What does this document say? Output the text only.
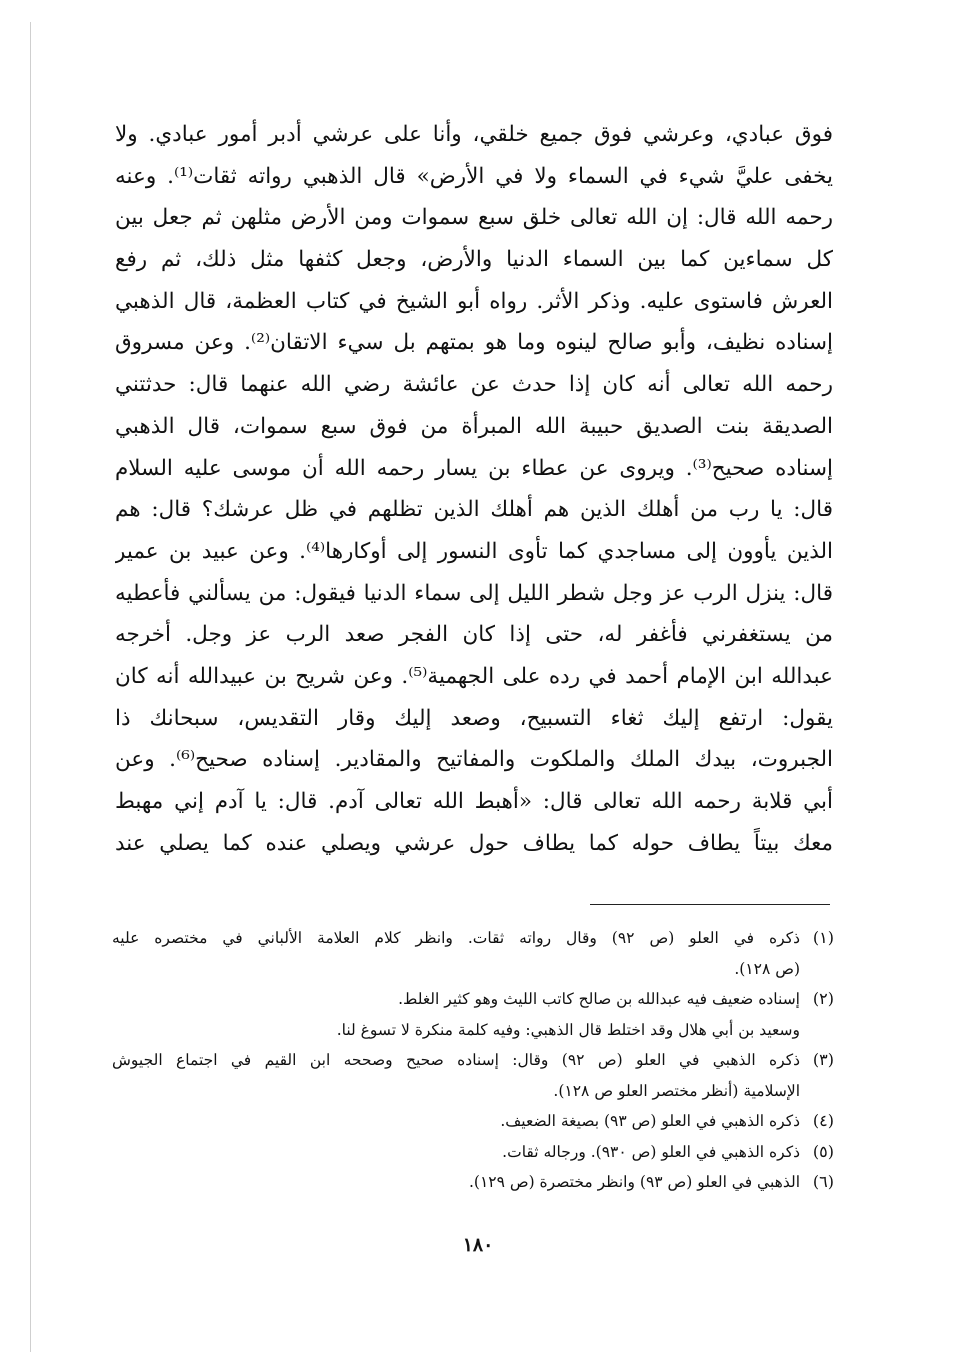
فوق عبادي، وعرشي فوق جميع خلقي، وأنا على عرشي أدبر أمور عبادي. ولا
يخفى عليَّ شيء في السماء ولا في الأرض» قال الذهبي رواته ثقات⁽¹⁾. وعنه
رحمه الله قال: إن الله تعالى خلق سبع سموات ومن الأرض مثلهن ثم جعل بين
كل سماءين كما بين السماء الدنيا والأرض، وجعل كثفها مثل ذلك، ثم رفع
العرش فاستوى عليه. وذكر الأثر. رواه أبو الشيخ في كتاب العظمة، قال الذهبي
إسناده نظيف، وأبو صالح لينوه وما هو بمتهم بل سيء الاتقان⁽²⁾. وعن مسروق
رحمه الله تعالى أنه كان إذا حدث عن عائشة رضي الله عنهما قال: حدثتني
الصديقة بنت الصديق حبيبة الله المبرأة من فوق سبع سموات، قال الذهبي
إسناده صحيح⁽³⁾. ويروى عن عطاء بن يسار رحمه الله أن موسى عليه السلام
قال: يا رب من أهلك الذين هم أهلك الذين تظلهم في ظل عرشك؟ قال: هم
الذين يأوون إلى مساجدي كما تأوى النسور إلى أوكارها⁽⁴⁾. وعن عبيد بن عمير
قال: ينزل الرب عز وجل شطر الليل إلى سماء الدنيا فيقول: من يسألني فأعطيه
من يستغفرني فأغفر له، حتى إذا كان الفجر صعد الرب عز وجل. أخرجه
عبدالله ابن الإمام أحمد في رده على الجهمية⁽⁵⁾. وعن شريح بن عبيدالله أنه كان
يقول: ارتفع إليك ثغاء التسبيح، وصعد إليك وقار التقديس، سبحانك ذا
الجبروت، بيدك الملك والملكوت والمفاتيح والمقادير. إسناده صحيح⁽⁶⁾. وعن
أبي قلابة رحمه الله تعالى قال: «أهبط الله تعالى آدم. قال: يا آدم إني مهبط
معك بيتاً يطاف حوله كما يطاف حول عرشي ويصلي عنده كما يصلي عند
(١)
ذكره في العلو (ص ٩٢) وقال رواته ثقات. وانظر كلام العلامة الألباني في مختصره عليه
(ص ١٢٨).
(٢)
إسناده ضعيف فيه عبدالله بن صالح كاتب الليث وهو كثير الغلط.
وسعيد بن أبي هلال وقد اختلط قال الذهبي: وفيه كلمة منكرة لا تسوغ لنا.
(٣)
ذكره الذهبي في العلو (ص ٩٢) وقال: إسناده صحيح وصححه ابن القيم في اجتماع الجيوش
الإسلامية (أنظر مختصر العلو ص ١٢٨).
(٤)
ذكره الذهبي في العلو (ص ٩٣) بصيغة الضعيف.
(٥)
ذكره الذهبي في العلو (ص ٩٣٠). ورجاله ثقات.
(٦)
الذهبي في العلو (ص ٩٣) وانظر مختصرة (ص ١٢٩).
١٨٠
